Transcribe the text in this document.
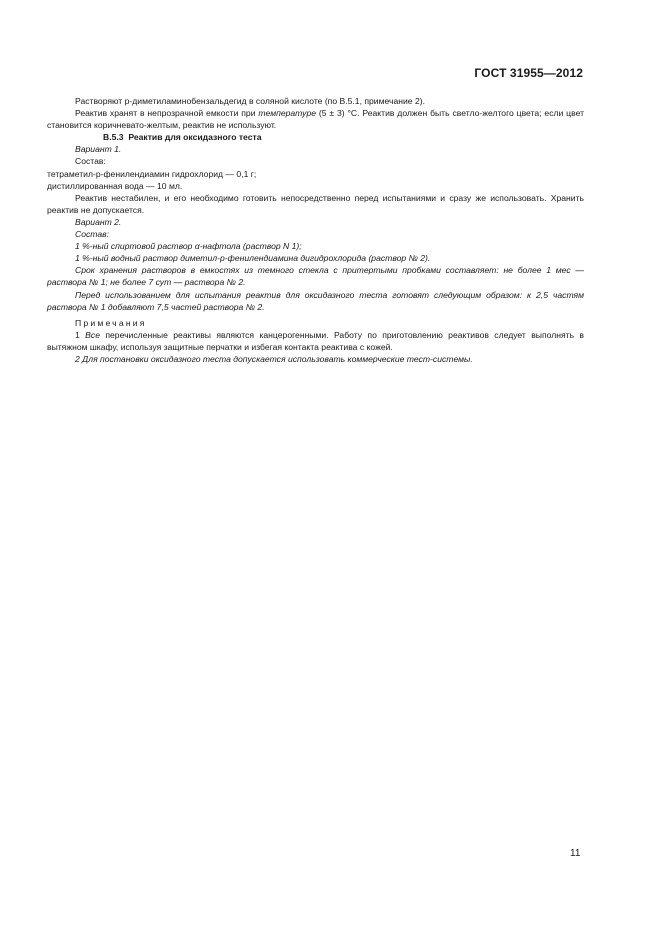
ГОСТ 31955—2012

Растворяют р-диметиламинобензальдегид в соляной кислоте (по В.5.1, примечание 2).

Реактив хранят в непрозрачной емкости при температуре (5 ± 3) °С. Реактив должен быть светло-желтого цвета; если цвет становится коричневато-желтым, реактив не используют.

В.5.3 Реактив для оксидазного теста

Вариант 1.

Состав:

тетраметил-р-фенилендиамин гидрохлорид — 0,1 г;

дистиллированная вода — 10 мл.

Реактив нестабилен, и его необходимо готовить непосредственно перед испытаниями и сразу же использовать. Хранить реактив не допускается.

Вариант 2.

Состав:

1 %-ный спиртовой раствор α-нафтола (раствор N 1);

1 %-ный водный раствор диметил-р-фенилендиамина дигидрохлорида (раствор № 2).

Срок хранения растворов в емкостях из темного стекла с притертыми пробками составляет: не более 1 мес — раствора № 1; не более 7 сут — раствора № 2.

Перед использованием для испытания реактив для оксидазного теста готовят следующим образом: к 2,5 частям раствора № 1 добавляют 7,5 частей раствора № 2.

Примечания

1 Все перечисленные реактивы являются канцерогенными. Работу по приготовлению реактивов следует выполнять в вытяжном шкафу, используя защитные перчатки и избегая контакта реактива с кожей.

2 Для постановки оксидазного теста допускается использовать коммерческие тест-системы.

11
